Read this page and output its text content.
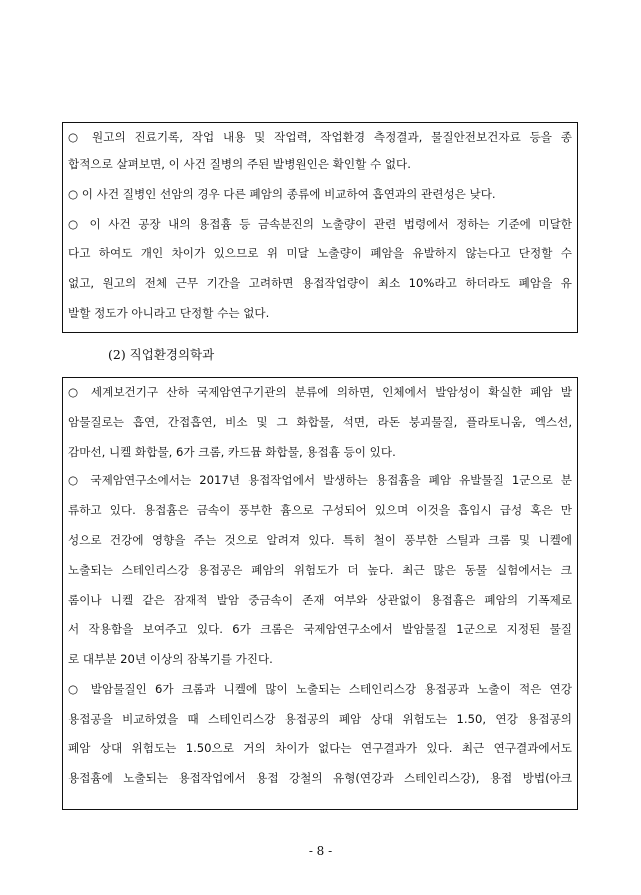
○ 원고의 진료기록, 작업 내용 및 작업력, 작업환경 측정결과, 물질안전보건자료 등을 종
합적으로 살펴보면, 이 사건 질병의 주된 발병원인은 확인할 수 없다.
○ 이 사건 질병인 선암의 경우 다른 폐암의 종류에 비교하여 흡연과의 관련성은 낮다.
○ 이 사건 공장 내의 용접흄 등 금속분진의 노출량이 관련 법령에서 정하는 기준에 미달한
다고 하여도 개인 차이가 있으므로 위 미달 노출량이 폐암을 유발하지 않는다고 단정할 수
없고, 원고의 전체 근무 기간을 고려하면 용접작업량이 최소 10%라고 하더라도 폐암을 유
발할 정도가 아니라고 단정할 수는 없다.
(2) 직업환경의학과
○ 세계보건기구 산하 국제암연구기관의 분류에 의하면, 인체에서 발암성이 확실한 폐암 발
암물질로는 흡연, 간접흡연, 비소 및 그 화합물, 석면, 라돈 붕괴물질, 플라토니움, 엑스선,
감마선, 니켈 화합물, 6가 크롬, 카드뮴 화합물, 용접흄 등이 있다.
○ 국제암연구소에서는 2017년 용접작업에서 발생하는 용접흄을 폐암 유발물질 1군으로 분
류하고 있다. 용접흄은 금속이 풍부한 흄으로 구성되어 있으며 이것을 흡입시 급성 혹은 만
성으로 건강에 영향을 주는 것으로 알려져 있다. 특히 철이 풍부한 스틸과 크롬 및 니켈에
노출되는 스테인리스강 용접공은 폐암의 위험도가 더 높다. 최근 많은 동물 실험에서는 크
롬이나 니켈 같은 잠재적 발암 중금속이 존재 여부와 상관없이 용접흄은 폐암의 기폭제로
서 작용함을 보여주고 있다. 6가 크롬은 국제암연구소에서 발암물질 1군으로 지정된 물질
로 대부분 20년 이상의 잠복기를 가진다.
○ 발암물질인 6가 크롬과 니켈에 많이 노출되는 스테인리스강 용접공과 노출이 적은 연강
용접공을 비교하였을 때 스테인리스강 용접공의 폐암 상대 위험도는 1.50, 연강 용접공의
폐암 상대 위험도는 1.50으로 거의 차이가 없다는 연구결과가 있다. 최근 연구결과에서도
용접흄에 노출되는 용접작업에서 용접 강철의 유형(연강과 스테인리스강), 용접 방법(아크
- 8 -
